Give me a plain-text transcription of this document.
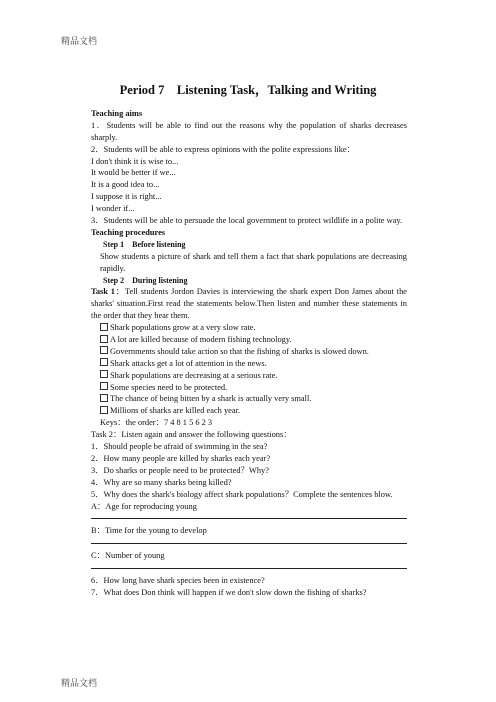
精品文档
Period 7　Listening Task，Talking and Writing
Teaching aims
1．Students will be able to find out the reasons why the population of sharks decreases sharply.
2．Students will be able to express opinions with the polite expressions like：
I don't think it is wise to...
It would be better if we...
It is a good idea to...
I suppose it is right...
I wonder if...
3．Students will be able to persuade the local government to protect wildlife in a polite way.
Teaching procedures
Step 1　Before listening
Show students a picture of shark and tell them a fact that shark populations are decreasing rapidly.
Step 2　During listening
Task 1：Tell students Jordon Davies is interviewing the shark expert Don James about the sharks' situation.First read the statements below.Then listen and number these statements in the order that they hear them.
Shark populations grow at a very slow rate.
A lot are killed because of modern fishing technology.
Governments should take action so that the fishing of sharks is slowed down.
Shark attacks get a lot of attention in the news.
Shark populations are decreasing at a serious rate.
Some species need to be protected.
The chance of being bitten by a shark is actually very small.
Millions of sharks are killed each year.
Keys：the order：7 4 8 1 5 6 2 3
Task 2：Listen again and answer the following questions：
1．Should people be afraid of swimming in the sea?
2．How many people are killed by sharks each year?
3．Do sharks or people need to be protected？Why?
4．Why are so many sharks being killed?
5．Why does the shark's biology affect shark populations？Complete the sentences blow.
A：Age for reproducing young
B：Time for the young to develop
C：Number of young
6．How long have shark species been in existence?
7．What does Don think will happen if we don't slow down the fishing of sharks?
精品文档
